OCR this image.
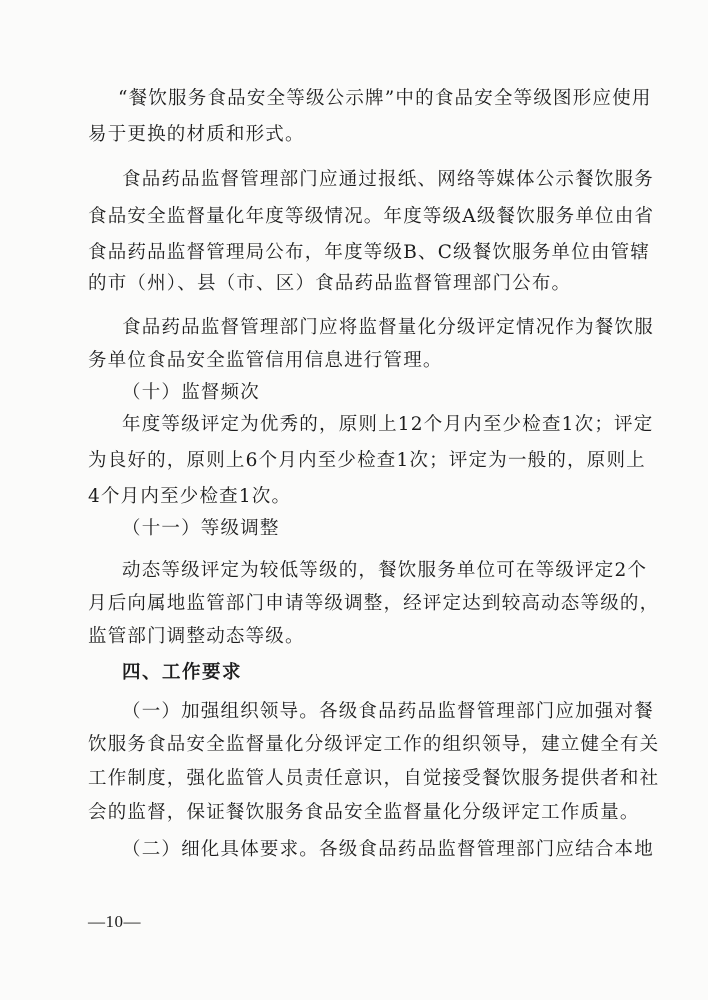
“餐饮服务食品安全等级公示牌”中的食品安全等级图形应使用
易于更换的材质和形式。
食品药品监督管理部门应通过报纸、网络等媒体公示餐饮服务
食品安全监督量化年度等级情况。年度等级A级餐饮服务单位由省
食品药品监督管理局公布，年度等级B、C级餐饮服务单位由管辖
的市（州）、县（市、区）食品药品监督管理部门公布。
食品药品监督管理部门应将监督量化分级评定情况作为餐饮服
务单位食品安全监管信用信息进行管理。
（十）监督频次
年度等级评定为优秀的，原则上12个月内至少检查1次；评定
为良好的，原则上6个月内至少检查1次；评定为一般的，原则上
4个月内至少检查1次。
（十一）等级调整
动态等级评定为较低等级的，餐饮服务单位可在等级评定2个
月后向属地监管部门申请等级调整，经评定达到较高动态等级的，
监管部门调整动态等级。
四、工作要求
（一）加强组织领导。各级食品药品监督管理部门应加强对餐
饮服务食品安全监督量化分级评定工作的组织领导，建立健全有关
工作制度，强化监管人员责任意识，自觉接受餐饮服务提供者和社
会的监督，保证餐饮服务食品安全监督量化分级评定工作质量。
（二）细化具体要求。各级食品药品监督管理部门应结合本地
—10—
